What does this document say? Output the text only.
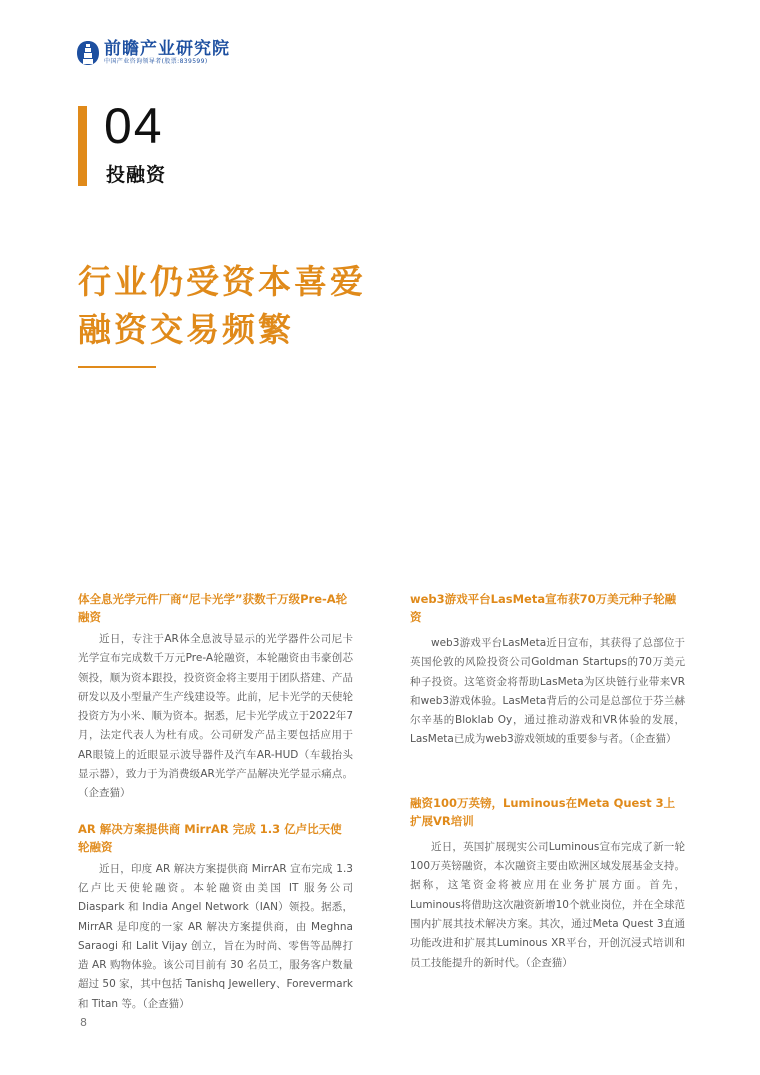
前瞻产业研究院
中国产业咨询领导者(股票:839599)
04
投融资
行业仍受资本喜爱
融资交易频繁
体全息光学元件厂商“尼卡光学”获数千万级Pre-A轮融资

近日，专注于AR体全息波导显示的光学器件公司尼卡光学宣布完成数千万元Pre-A轮融资，本轮融资由韦豪创芯领投，顺为资本跟投，投资资金将主要用于团队搭建、产品研发以及小型量产生产线建设等。此前，尼卡光学的天使轮投资方为小米、顺为资本。据悉，尼卡光学成立于2022年7月，法定代表人为杜有成。公司研发产品主要包括应用于AR眼镜上的近眼显示波导器件及汽车AR-HUD（车载抬头显示器），致力于为消费级AR光学产品解决光学显示痛点。（企查猫）

AR 解决方案提供商 MirrAR 完成 1.3 亿卢比天使轮融资

近日，印度 AR 解决方案提供商 MirrAR 宣布完成 1.3 亿卢比天使轮融资。本轮融资由美国 IT 服务公司 Diaspark 和 India Angel Network（IAN）领投。据悉，MirrAR 是印度的一家 AR 解决方案提供商，由 Meghna Saraogi 和 Lalit Vijay 创立，旨在为时尚、零售等品牌打造 AR 购物体验。该公司目前有 30 名员工，服务客户数量超过 50 家，其中包括 Tanishq Jewellery、Forevermark 和 Titan 等。（企查猫）

web3游戏平台LasMeta宣布获70万美元种子轮融资

web3游戏平台LasMeta近日宣布，其获得了总部位于英国伦敦的风险投资公司Goldman Startups的70万美元种子投资。这笔资金将帮助LasMeta为区块链行业带来VR和web3游戏体验。LasMeta背后的公司是总部位于芬兰赫尔辛基的Bloklab Oy，通过推动游戏和VR体验的发展，LasMeta已成为web3游戏领域的重要参与者。（企查猫）

融资100万英镑，Luminous在Meta Quest 3上扩展VR培训

近日，英国扩展现实公司Luminous宣布完成了新一轮100万英镑融资，本次融资主要由欧洲区域发展基金支持。据称，这笔资金将被应用在业务扩展方面。首先，Luminous将借助这次融资新增10个就业岗位，并在全球范围内扩展其技术解决方案。其次，通过Meta Quest 3直通功能改进和扩展其Luminous XR平台，开创沉浸式培训和员工技能提升的新时代。（企查猫）

8
